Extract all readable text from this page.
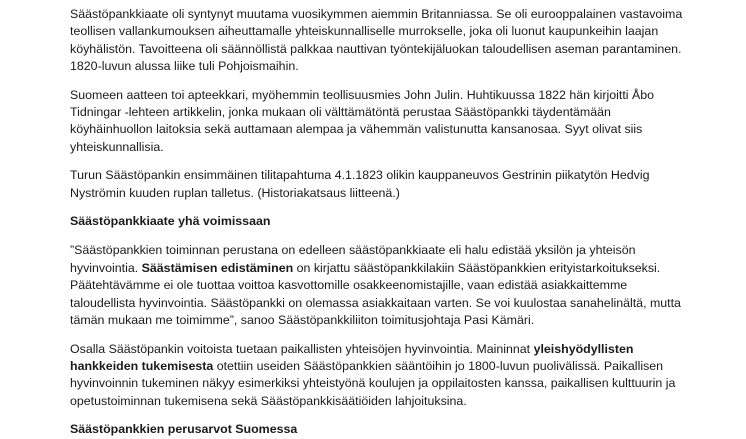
Säästöpankkiaate oli syntynyt muutama vuosikymmen aiemmin Britanniassa. Se oli eurooppalainen vastavoima teollisen vallankumouksen aiheuttamalle yhteiskunnalliselle murrokselle, joka oli luonut kaupunkeihin laajan köyhälistön. Tavoitteena oli säännöllistä palkkaa nauttivan työntekijäluokan taloudellisen aseman parantaminen. 1820-luvun alussa liike tuli Pohjoismaihin.

Suomeen aatteen toi apteekkari, myöhemmin teollisuusmies John Julin. Huhtikuussa 1822 hän kirjoitti Åbo Tidningar -lehteen artikkelin, jonka mukaan oli välttämätöntä perustaa Säästöpankki täydentämään köyhäinhuollon laitoksia sekä auttamaan alempaa ja vähemmän valistunutta kansanosaa. Syyt olivat siis yhteiskunnallisia.

Turun Säästöpankin ensimmäinen tilitapahtuma 4.1.1823 olikin kauppaneuvos Gestrinin piikatytön Hedvig Nyströmin kuuden ruplan talletus. (Historiakatsaus liitteenä.)

Säästöpankkiaate yhä voimissaan

”Säästöpankkien toiminnan perustana on edelleen säästöpankkiaate eli halu edistää yksilön ja yhteisön hyvinvointia. Säästämisen edistäminen on kirjattu säästöpankkilakiin Säästöpankkien erityistarkoitukseksi. Päätehtävämme ei ole tuottaa voittoa kasvottomille osakkeenomistajille, vaan edistää asiakkaittemme taloudellista hyvinvointia. Säästöpankki on olemassa asiakkaitaan varten. Se voi kuulostaa sanahelinältä, mutta tämän mukaan me toimimme”, sanoo Säästöpankkiliiton toimitusjohtaja Pasi Kämäri.

Osalla Säästöpankin voitoista tuetaan paikallisten yhteisöjen hyvinvointia. Maininnat yleishyödyllisten hankkeiden tukemisesta otettiin useiden Säästöpankkien sääntöihin jo 1800-luvun puolivälissä. Paikallisen hyvinvoinnin tukeminen näkyy esimerkiksi yhteistyönä koulujen ja oppilaitosten kanssa, paikallisen kulttuurin ja opetustoiminnan tukemisena sekä Säästöpankkisäätiöiden lahjoituksina.

Säästöpankkien perusarvot Suomessa
